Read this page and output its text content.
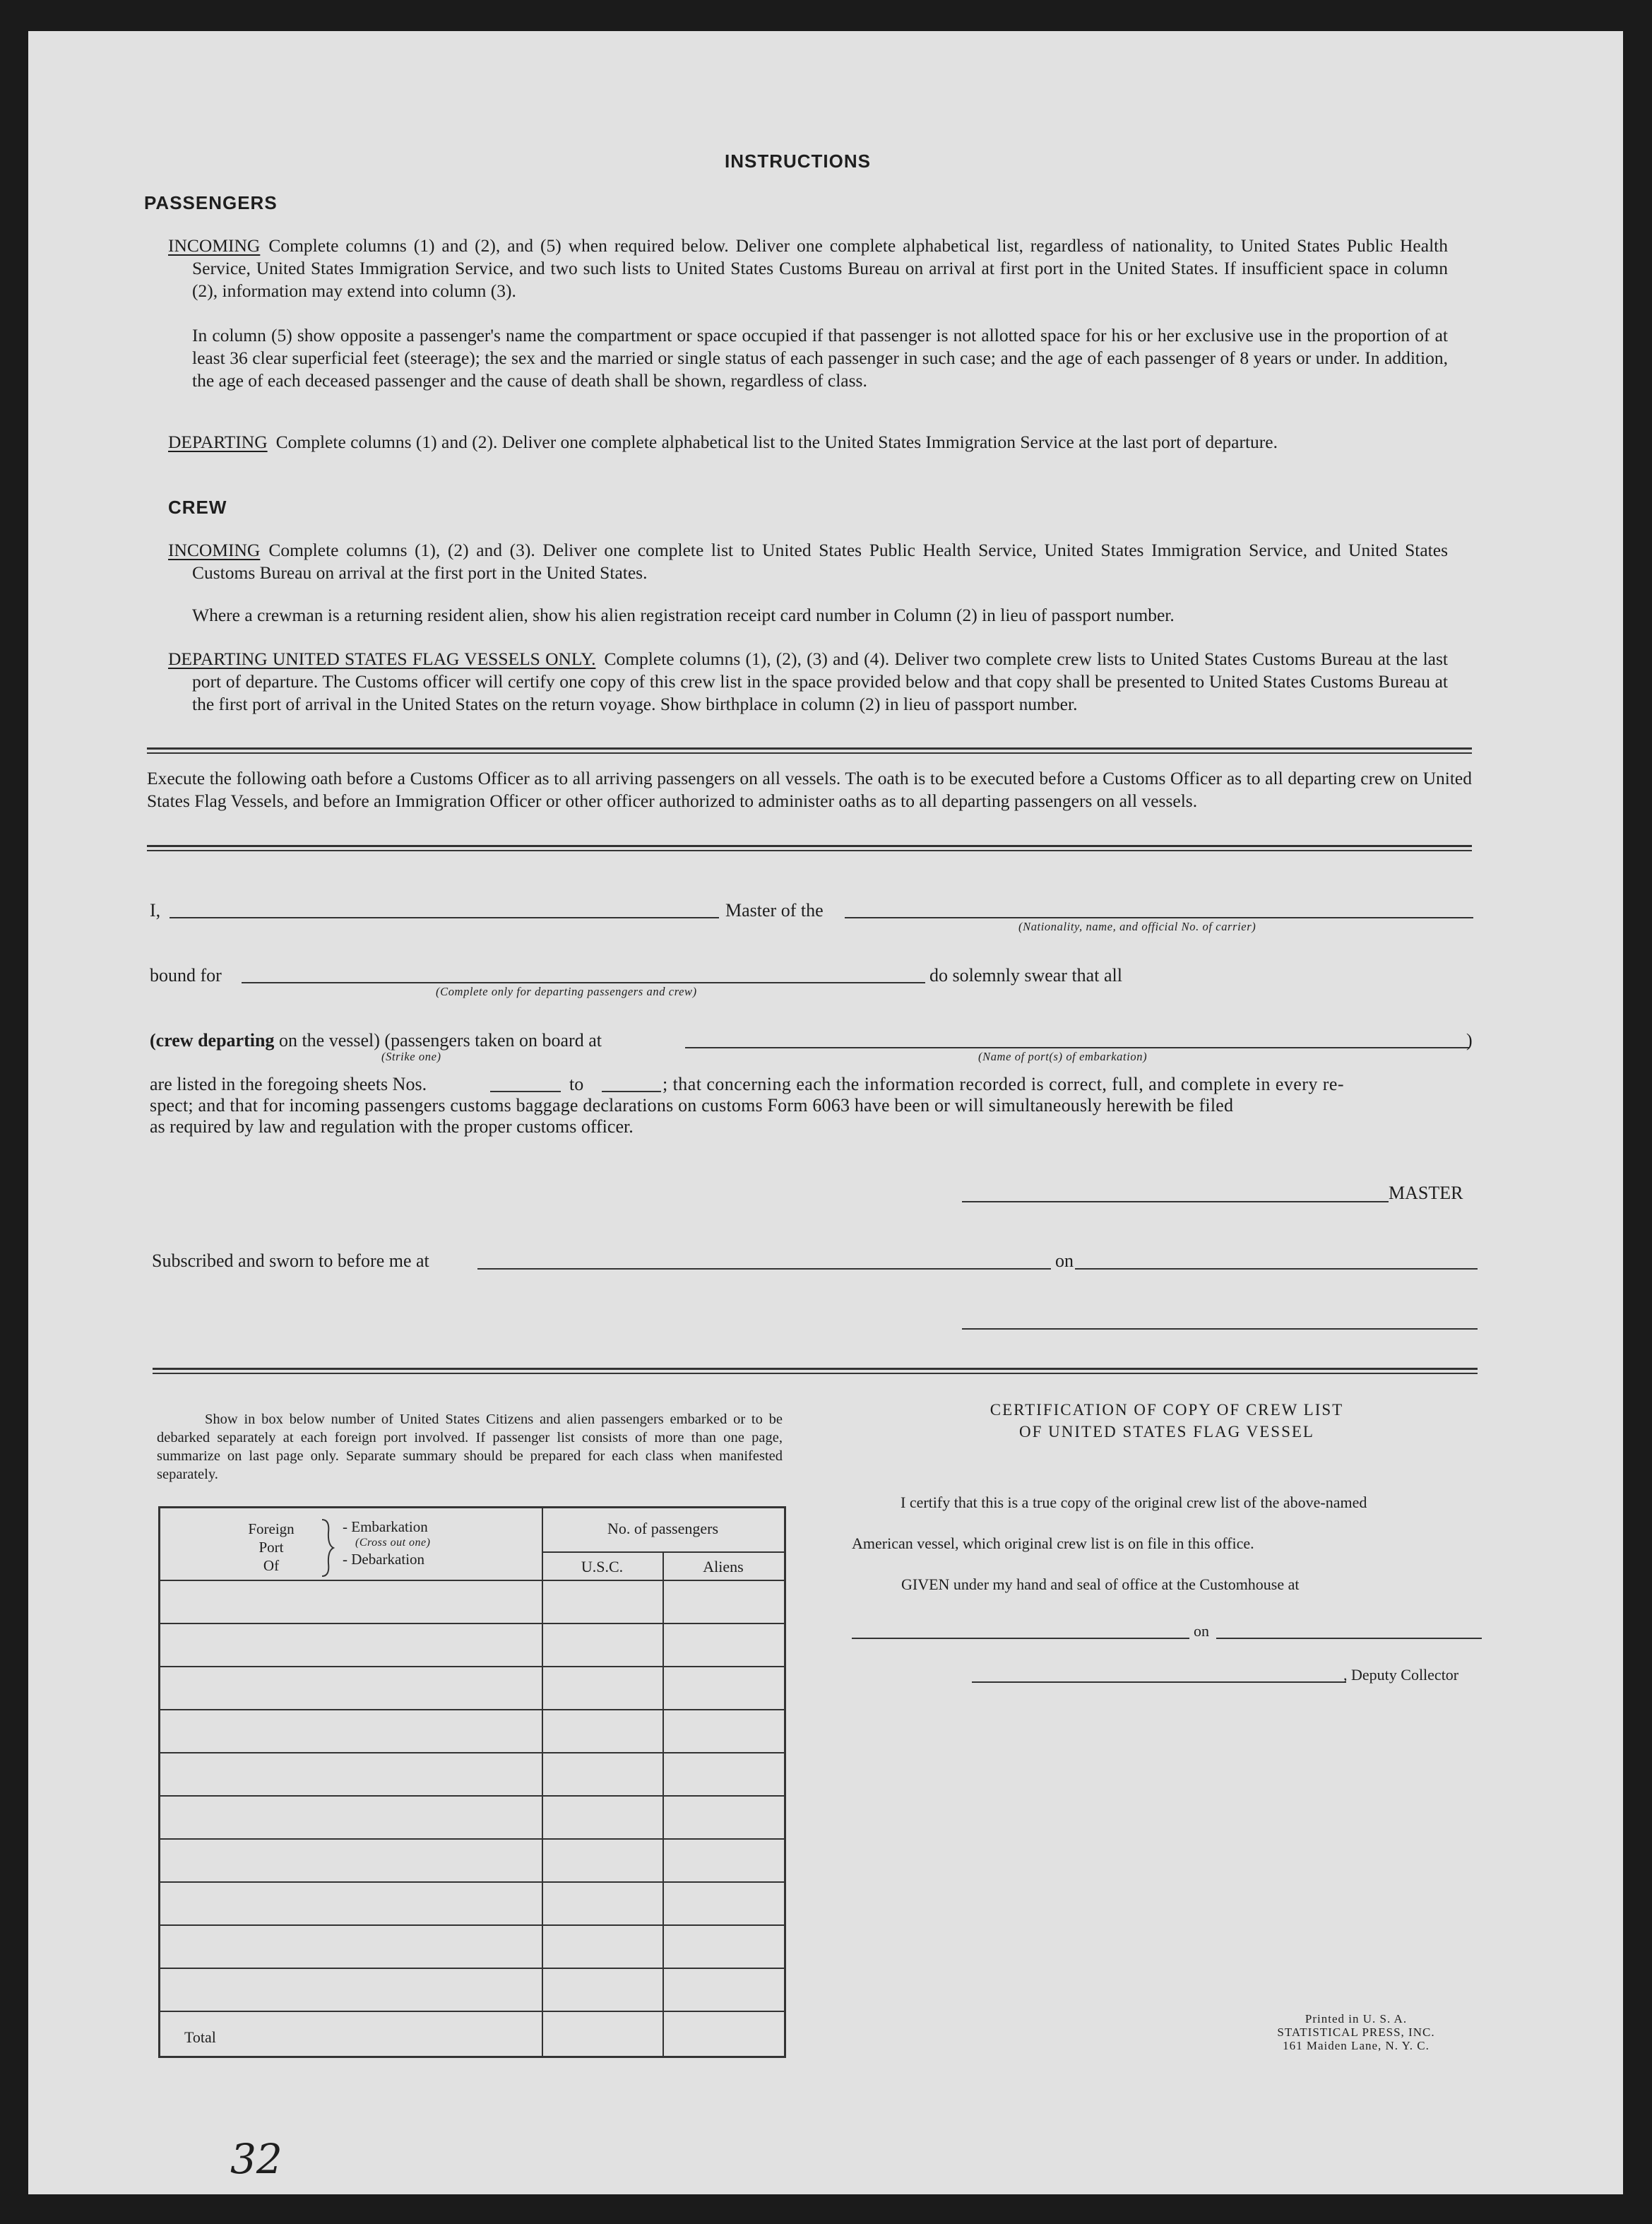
INSTRUCTIONS
PASSENGERS
INCOMING Complete columns (1) and (2), and (5) when required below. Deliver one complete alphabetical list, regardless of nationality, to United States Public Health Service, United States Immigration Service, and two such lists to United States Customs Bureau on arrival at first port in the United States. If insufficient space in column (2), information may extend into column (3).
In column (5) show opposite a passenger's name the compartment or space occupied if that passenger is not allotted space for his or her exclusive use in the proportion of at least 36 clear superficial feet (steerage); the sex and the married or single status of each passenger in such case; and the age of each passenger of 8 years or under. In addition, the age of each deceased passenger and the cause of death shall be shown, regardless of class.
DEPARTING Complete columns (1) and (2). Deliver one complete alphabetical list to the United States Immigration Service at the last port of departure.
CREW
INCOMING Complete columns (1), (2) and (3). Deliver one complete list to United States Public Health Service, United States Immigration Service, and United States Customs Bureau on arrival at the first port in the United States.
Where a crewman is a returning resident alien, show his alien registration receipt card number in Column (2) in lieu of passport number.
DEPARTING UNITED STATES FLAG VESSELS ONLY. Complete columns (1), (2), (3) and (4). Deliver two complete crew lists to United States Customs Bureau at the last port of departure. The Customs officer will certify one copy of this crew list in the space provided below and that copy shall be presented to United States Customs Bureau at the first port of arrival in the United States on the return voyage. Show birthplace in column (2) in lieu of passport number.
Execute the following oath before a Customs Officer as to all arriving passengers on all vessels. The oath is to be executed before a Customs Officer as to all departing crew on United States Flag Vessels, and before an Immigration Officer or other officer authorized to administer oaths as to all departing passengers on all vessels.
I,	Master of the
(Nationality, name, and official No. of carrier)
bound for
(Complete only for departing passengers and crew)
do solemnly swear that all
(crew departing on the vessel) (passengers taken on board at
(Strike one)	(Name of port(s) of embarkation)
)
are listed in the foregoing sheets Nos.	to	; that concerning each the information recorded is correct, full, and complete in every re-
spect; and that for incoming passengers customs baggage declarations on customs Form 6063 have been or will simultaneously herewith be filed
as required by law and regulation with the proper customs officer.
MASTER
Subscribed and sworn to before me at	on
Show in box below number of United States Citizens and alien passengers embarked or to be debarked separately at each foreign port involved. If passenger list consists of more than one page, summarize on last page only. Separate summary should be prepared for each class when manifested separately.
Foreign
Port
Of
- Embarkation
(Cross out one)
- Debarkation
No. of passengers
U.S.C.	Aliens
Total
CERTIFICATION OF COPY OF CREW LIST
OF UNITED STATES FLAG VESSEL
I certify that this is a true copy of the original crew list of the above-named
American vessel, which original crew list is on file in this office.
GIVEN under my hand and seal of office at the Customhouse at
on
, Deputy Collector
Printed in U. S. A.
STATISTICAL PRESS, INC.
161 Maiden Lane, N. Y. C.
32
